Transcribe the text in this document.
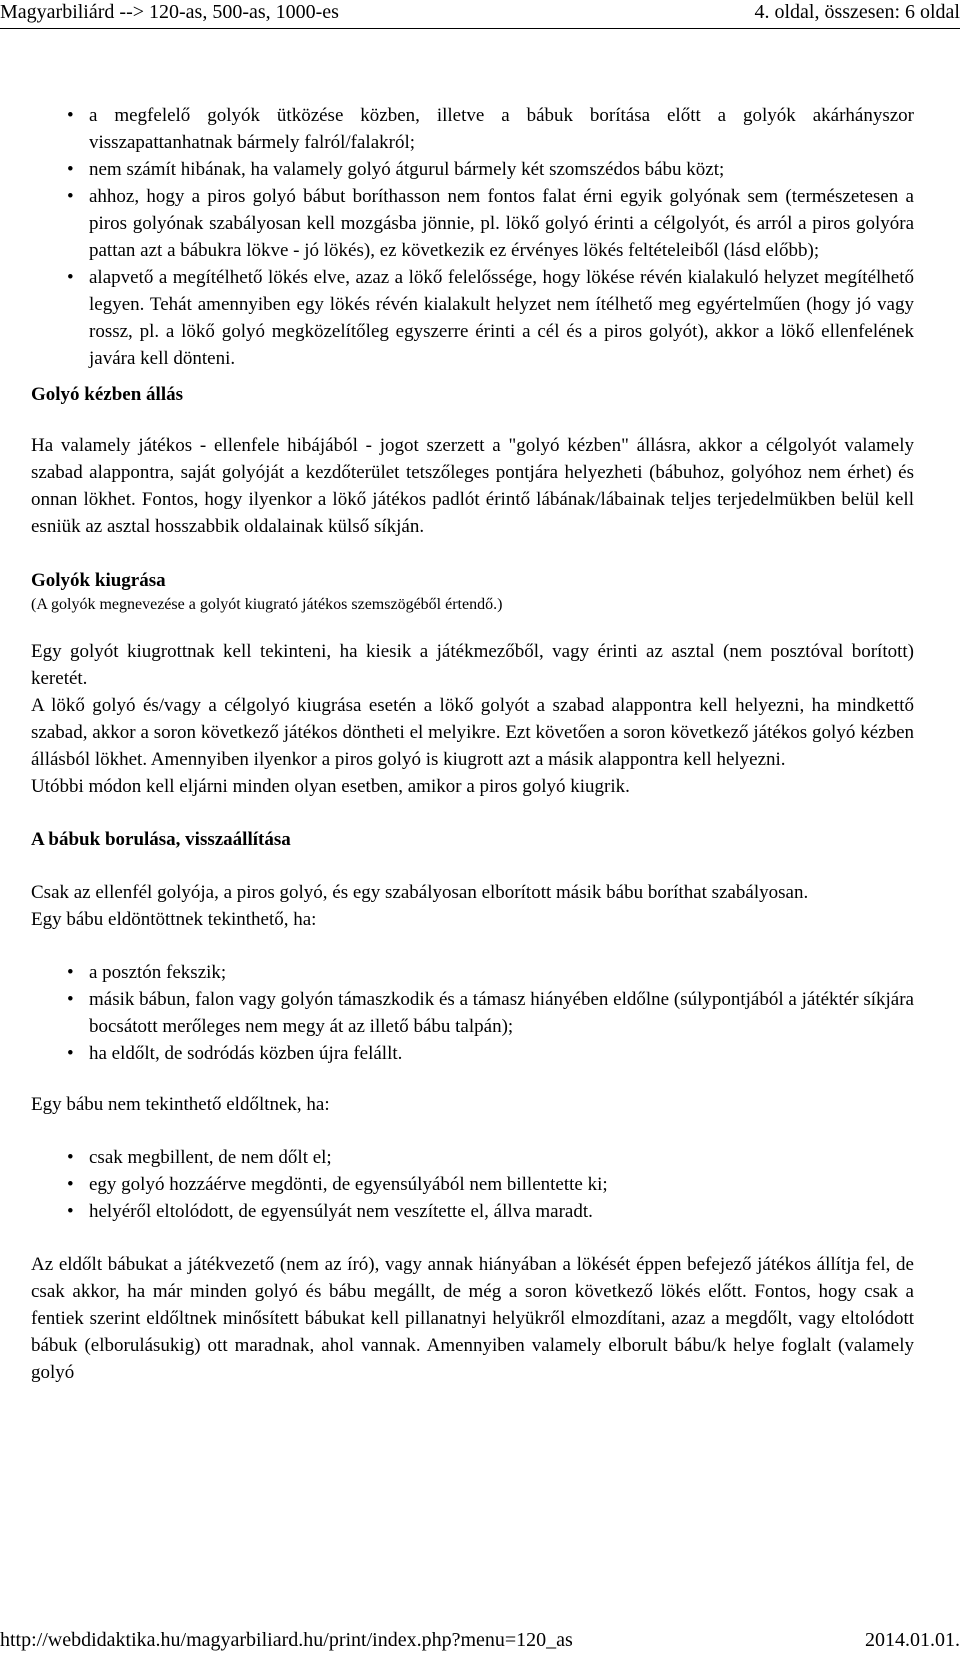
Magyarbiliárd --> 120-as, 500-as, 1000-es	4. oldal, összesen: 6 oldal
• a megfelelő golyók ütközése közben, illetve a bábuk borítása előtt a golyók akárhányszor visszapattanhatnak bármely falról/falakról;
• nem számít hibának, ha valamely golyó átgurul bármely két szomszédos bábu közt;
• ahhoz, hogy a piros golyó bábut boríthasson nem fontos falat érni egyik golyónak sem (természetesen a piros golyónak szabályosan kell mozgásba jönnie, pl. lökő golyó érinti a célgolyót, és arról a piros golyóra pattan azt a bábukra lökve - jó lökés), ez következik ez érvényes lökés feltételeiből (lásd előbb);
• alapvető a megítélhető lökés elve, azaz a lökő felelőssége, hogy lökése révén kialakuló helyzet megítélhető legyen. Tehát amennyiben egy lökés révén kialakult helyzet nem ítélhető meg egyértelműen (hogy jó vagy rossz, pl. a lökő golyó megközelítőleg egyszerre érinti a cél és a piros golyót), akkor a lökő ellenfelének javára kell dönteni.
Golyó kézben állás

Ha valamely játékos - ellenfele hibájából - jogot szerzett a "golyó kézben" állásra, akkor a célgolyót valamely szabad alappontra, saját golyóját a kezdőterület tetszőleges pontjára helyezheti (bábuhoz, golyóhoz nem érhet) és onnan lökhet. Fontos, hogy ilyenkor a lökő játékos padlót érintő lábának/lábainak teljes terjedelmükben belül kell esniük az asztal hosszabbik oldalainak külső síkján.

Golyók kiugrása

(A golyók megnevezése a golyót kiugrató játékos szemszögéből értendő.)

Egy golyót kiugrottnak kell tekinteni, ha kiesik a játékmezőből, vagy érinti az asztal (nem posztóval borított) keretét.

A lökő golyó és/vagy a célgolyó kiugrása esetén a lökő golyót a szabad alappontra kell helyezni, ha mindkettő szabad, akkor a soron következő játékos döntheti el melyikre. Ezt követően a soron következő játékos golyó kézben állásból lökhet. Amennyiben ilyenkor a piros golyó is kiugrott azt a másik alappontra kell helyezni.

Utóbbi módon kell eljárni minden olyan esetben, amikor a piros golyó kiugrik.

A bábuk borulása, visszaállítása

Csak az ellenfél golyója, a piros golyó, és egy szabályosan elborított másik bábu boríthat szabályosan.

Egy bábu eldöntöttnek tekinthető, ha:

• a posztón fekszik;
• másik bábun, falon vagy golyón támaszkodik és a támasz hiányében eldőlne (súlypontjából a játéktér síkjára bocsátott merőleges nem megy át az illető bábu talpán);
• ha eldőlt, de sodródás közben újra felállt.

Egy bábu nem tekinthető eldőltnek, ha:

• csak megbillent, de nem dőlt el;
• egy golyó hozzáérve megdönti, de egyensúlyából nem billentette ki;
• helyéről eltolódott, de egyensúlyát nem veszítette el, állva maradt.

Az eldőlt bábukat a játékvezető (nem az író), vagy annak hiányában a lökését éppen befejező játékos állítja fel, de csak akkor, ha már minden golyó és bábu megállt, de még a soron következő lökés előtt. Fontos, hogy csak a fentiek szerint eldőltnek minősített bábukat kell pillanatnyi helyükről elmozdítani, azaz a megdőlt, vagy eltolódott bábuk (elborulásukig) ott maradnak, ahol vannak. Amennyiben valamely elborult bábu/k helye foglalt (valamely golyó

http://webdidaktika.hu/magyarbiliard.hu/print/index.php?menu=120_as	2014.01.01.
